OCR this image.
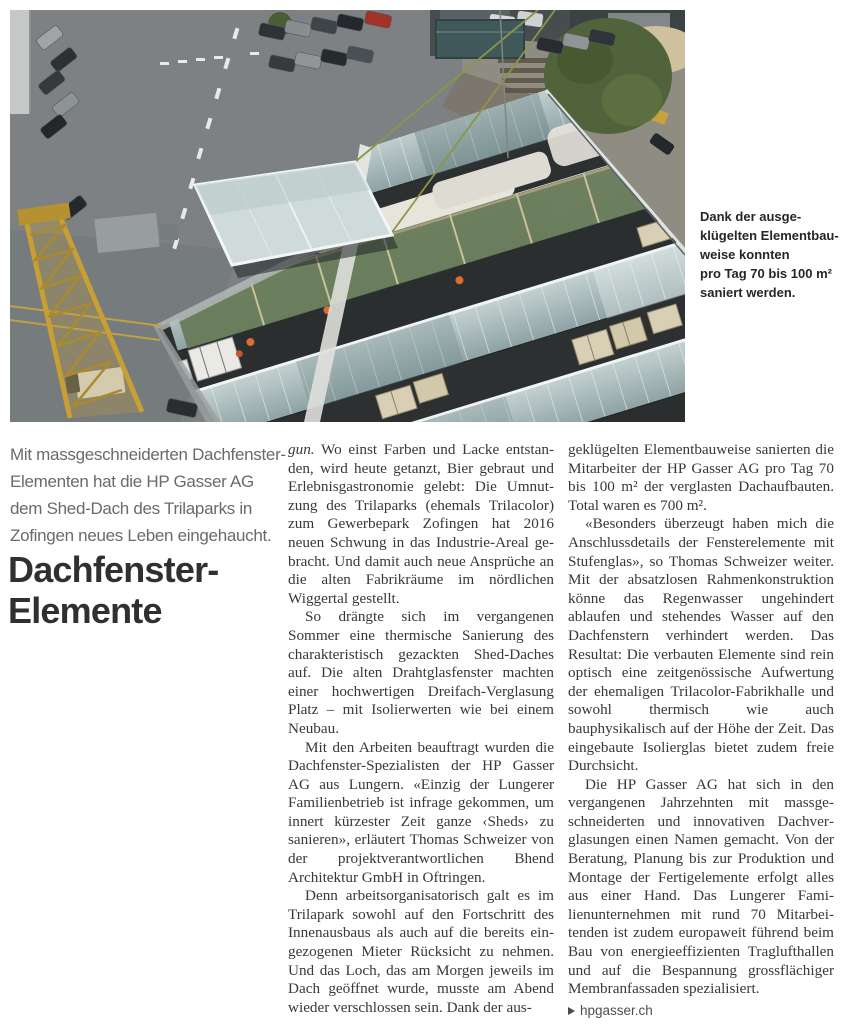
Dank der ausge-
klügelten Elementbau-
weise konnten
pro Tag 70 bis 100 m²
saniert werden.
Mit massgeschneiderten Dachfenster-
Elementen hat die HP Gasser AG
dem Shed-Dach des Trilaparks in
Zofingen neues Leben eingehaucht.
Dachfenster-
Elemente

gun. Wo einst Farben und Lacke entstanden, wird heute getanzt, Bier gebraut und Erlebnisgastronomie gelebt: Die Umnutzung des Trilaparks (ehemals Trilacolor) zum Gewerbepark Zofingen hat 2016 neuen Schwung in das Industrie-Areal gebracht. Und damit auch neue Ansprüche an die alten Fabrikräume im nördlichen Wiggertal gestellt.

So drängte sich im vergangenen Sommer eine thermische Sanierung des charakteristisch gezackten Shed-Daches auf. Die alten Drahtglasfenster machten einer hochwertigen Dreifach-Verglasung Platz – mit Isolierwerten wie bei einem Neubau.

Mit den Arbeiten beauftragt wurden die Dachfenster-Spezialisten der HP Gasser AG aus Lungern. «Einzig der Lungerer Familienbetrieb ist infrage gekommen, um innert kürzester Zeit ganze ‹Sheds› zu sanieren», erläutert Thomas Schweizer von der projektverantwortlichen Bhend Architektur GmbH in Oftringen.

Denn arbeitsorganisatorisch galt es im Trilapark sowohl auf den Fortschritt des Innenausbaus als auch auf die bereits eingezogenen Mieter Rücksicht zu nehmen. Und das Loch, das am Morgen jeweils im Dach geöffnet wurde, musste am Abend wieder verschlossen sein. Dank der aus-

geklügelten Elementbauweise sanierten die Mitarbeiter der HP Gasser AG pro Tag 70 bis 100 m² der verglasten Dachaufbauten. Total waren es 700 m².

«Besonders überzeugt haben mich die Anschlussdetails der Fensterelemente mit Stufenglas», so Thomas Schweizer weiter. Mit der absatzlosen Rahmenkonstruktion könne das Regenwasser ungehindert ablaufen und stehendes Wasser auf den Dachfenstern verhindert werden. Das Resultat: Die verbauten Elemente sind rein optisch eine zeitgenössische Aufwertung der ehemaligen Trilacolor-Fabrikhalle und sowohl thermisch wie auch bauphysikalisch auf der Höhe der Zeit. Das eingebaute Isolierglas bietet zudem freie Durchsicht.

Die HP Gasser AG hat sich in den vergangenen Jahrzehnten mit massgeschneiderten und innovativen Dachverglasungen einen Namen gemacht. Von der Beratung, Planung bis zur Produktion und Montage der Fertigelemente erfolgt alles aus einer Hand. Das Lungerer Familienunternehmen mit rund 70 Mitarbeitenden ist zudem europaweit führend beim Bau von energieeffizienten Traglufthallen und auf die Bespannung grossflächiger Membranfassaden spezialisiert.

hpgasser.ch
